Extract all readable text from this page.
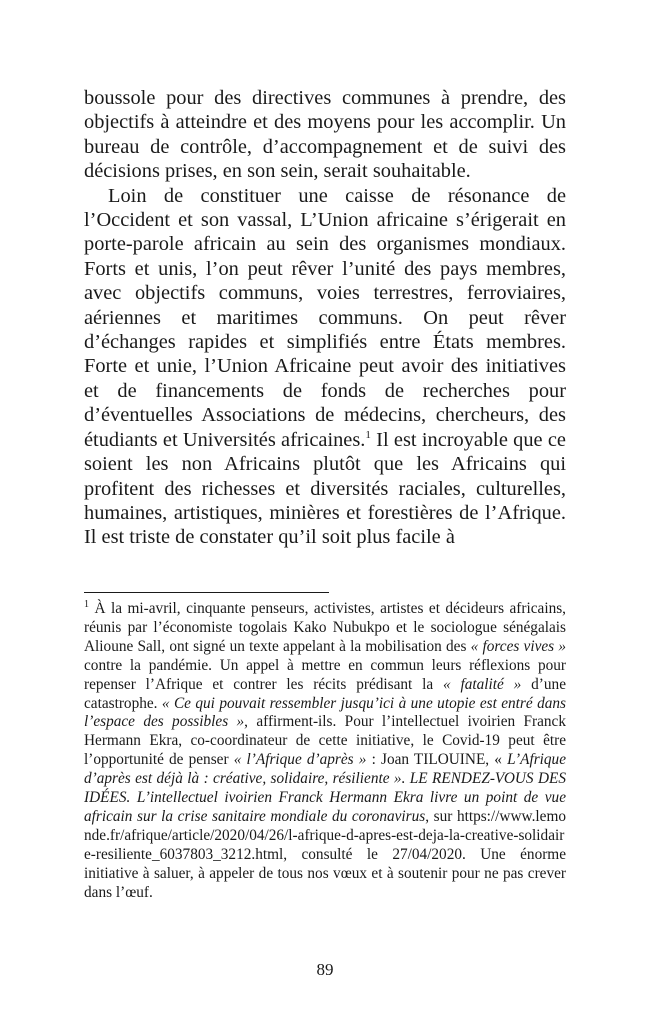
boussole pour des directives communes à prendre, des objectifs à atteindre et des moyens pour les accomplir. Un bureau de contrôle, d’accompagnement et de suivi des décisions prises, en son sein, serait souhaitable.

Loin de constituer une caisse de résonance de l’Occident et son vassal, L’Union africaine s’érigerait en porte-parole africain au sein des organismes mondiaux. Forts et unis, l’on peut rêver l’unité des pays membres, avec objectifs communs, voies terrestres, ferroviaires, aériennes et maritimes communs. On peut rêver d’échanges rapides et simplifiés entre États membres. Forte et unie, l’Union Africaine peut avoir des initiatives et de financements de fonds de recherches pour d’éventuelles Associations de médecins, chercheurs, des étudiants et Universités africaines.$^1$ Il est incroyable que ce soient les non Africains plutôt que les Africains qui profitent des richesses et diversités raciales, culturelles, humaines, artistiques, minières et forestières de l’Afrique. Il est triste de constater qu’il soit plus facile à

$^1$ À la mi-avril, cinquante penseurs, activistes, artistes et décideurs africains, réunis par l’économiste togolais Kako Nubukpo et le sociologue sénégalais Alioune Sall, ont signé un texte appelant à la mobilisation des « forces vives » contre la pandémie. Un appel à mettre en commun leurs réflexions pour repenser l’Afrique et contrer les récits prédisant la « fatalité » d’une catastrophe. « Ce qui pouvait ressembler jusqu’ici à une utopie est entré dans l’espace des possibles », affirment-ils. Pour l’intellectuel ivoirien Franck Hermann Ekra, co-coordinateur de cette initiative, le Covid-19 peut être l’opportunité de penser « l’Afrique d’après » : Joan TILOUINE, « L’Afrique d’après est déjà là : créative, solidaire, résiliente ». LE RENDEZ-VOUS DES IDÉES. L’intellectuel ivoirien Franck Hermann Ekra livre un point de vue africain sur la crise sanitaire mondiale du coronavirus, sur https://www.lemonde.fr/afrique/article/2020/04/26/l-afrique-d-apres-est-deja-la-creative-solidaire-resiliente_6037803_3212.html, consulté le 27/04/2020. Une énorme initiative à saluer, à appeler de tous nos vœux et à soutenir pour ne pas crever dans l’œuf.

89
